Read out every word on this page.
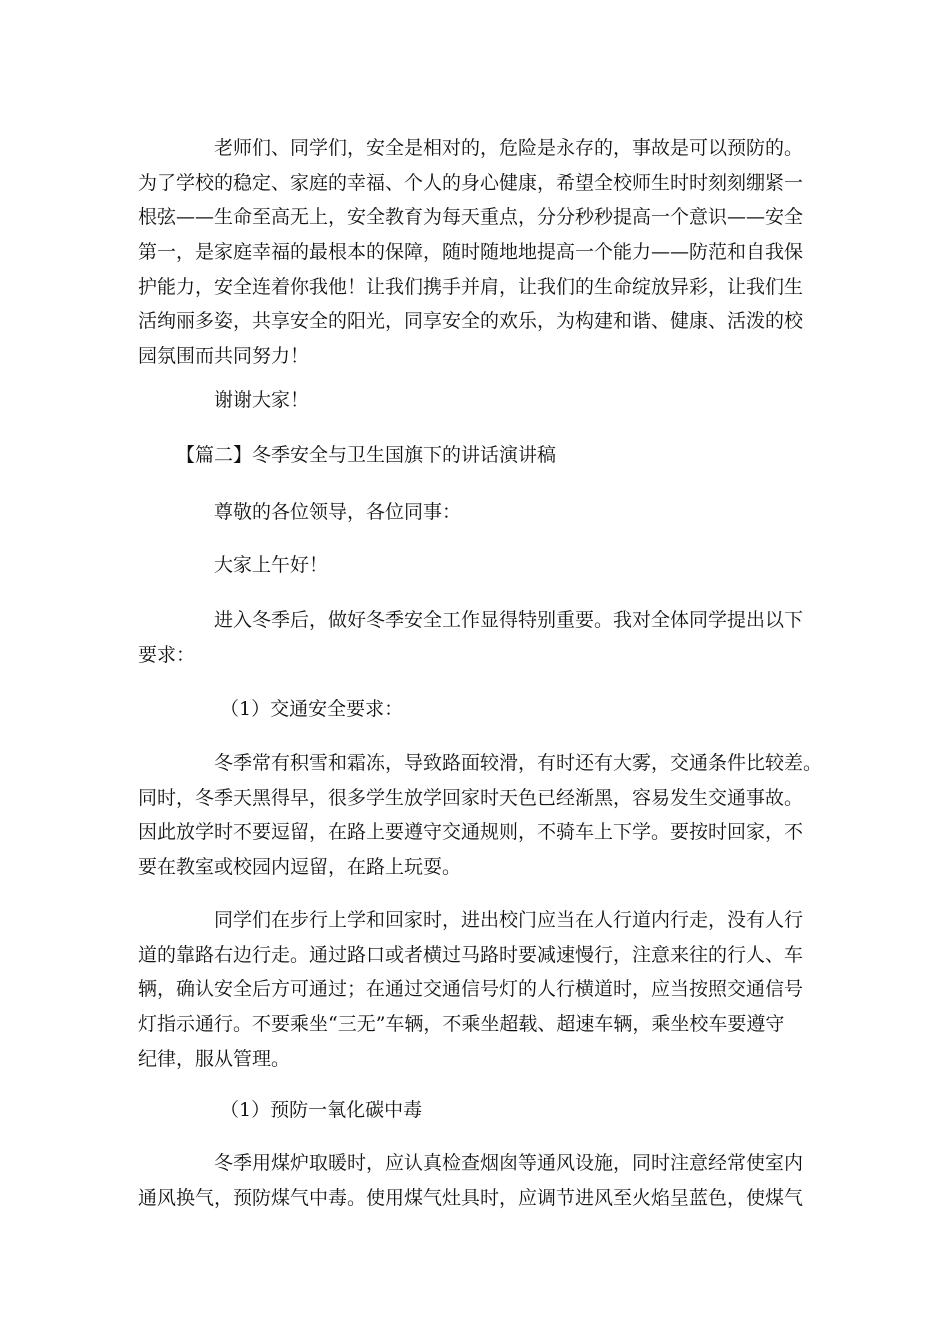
老师们、同学们，安全是相对的，危险是永存的，事故是可以预防的。
为了学校的稳定、家庭的幸福、个人的身心健康，希望全校师生时时刻刻绷紧一
根弦——生命至高无上，安全教育为每天重点，分分秒秒提高一个意识——安全
第一，是家庭幸福的最根本的保障，随时随地地提高一个能力——防范和自我保
护能力，安全连着你我他！让我们携手并肩，让我们的生命绽放异彩，让我们生
活绚丽多姿，共享安全的阳光，同享安全的欢乐，为构建和谐、健康、活泼的校
园氛围而共同努力！
谢谢大家！
【篇二】冬季安全与卫生国旗下的讲话演讲稿
尊敬的各位领导，各位同事：
大家上午好！
进入冬季后，做好冬季安全工作显得特别重要。我对全体同学提出以下
要求：
（1）交通安全要求：
冬季常有积雪和霜冻，导致路面较滑，有时还有大雾，交通条件比较差。
同时，冬季天黑得早，很多学生放学回家时天色已经渐黑，容易发生交通事故。
因此放学时不要逗留，在路上要遵守交通规则，不骑车上下学。要按时回家，不
要在教室或校园内逗留，在路上玩耍。
同学们在步行上学和回家时，进出校门应当在人行道内行走，没有人行
道的靠路右边行走。通过路口或者横过马路时要减速慢行，注意来往的行人、车
辆，确认安全后方可通过；在通过交通信号灯的人行横道时，应当按照交通信号
灯指示通行。不要乘坐“三无”车辆，不乘坐超载、超速车辆，乘坐校车要遵守
纪律，服从管理。
（1）预防一氧化碳中毒
冬季用煤炉取暖时，应认真检查烟囱等通风设施，同时注意经常使室内
通风换气，预防煤气中毒。使用煤气灶具时，应调节进风至火焰呈蓝色，使煤气
